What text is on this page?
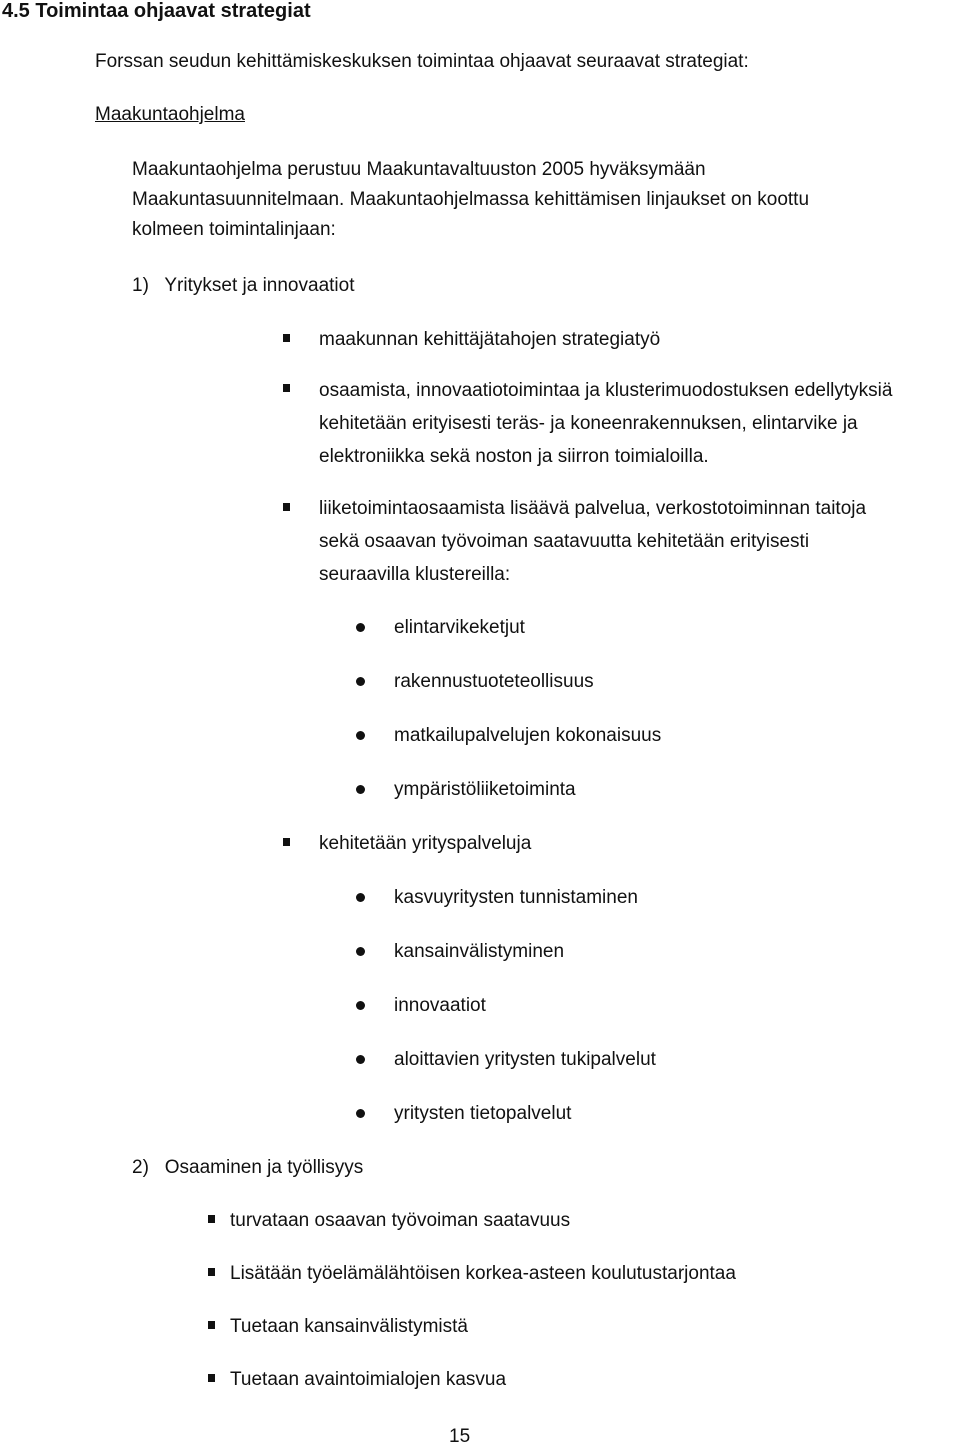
4.5 Toimintaa ohjaavat strategiat
Forssan seudun kehittämiskeskuksen toimintaa ohjaavat seuraavat strategiat:
Maakuntaohjelma
Maakuntaohjelma perustuu Maakuntavaltuuston 2005 hyväksymään
Maakuntasuunnitelmaan. Maakuntaohjelmassa kehittämisen linjaukset on koottu
kolmeen toimintalinjaan:
1)   Yritykset ja innovaatiot
maakunnan kehittäjätahojen strategiatyö
osaamista, innovaatiotoimintaa ja klusterimuodostuksen edellytyksiä
kehitetään erityisesti teräs- ja koneenrakennuksen, elintarvike ja
elektroniikka sekä noston ja siirron toimialoilla.
liiketoimintaosaamista lisäävä palvelua, verkostotoiminnan taitoja
sekä osaavan työvoiman saatavuutta kehitetään erityisesti
seuraavilla klustereilla:
elintarvikeketjut
rakennustuoteteollisuus
matkailupalvelujen kokonaisuus
ympäristöliiketoiminta
kehitetään yrityspalveluja
kasvuyritysten tunnistaminen
kansainvälistyminen
innovaatiot
aloittavien yritysten tukipalvelut
yritysten tietopalvelut
2)   Osaaminen ja työllisyys
turvataan osaavan työvoiman saatavuus
Lisätään työelämälähtöisen korkea-asteen koulutustarjontaa
Tuetaan kansainvälistymistä
Tuetaan avaintoimialojen kasvua
15
